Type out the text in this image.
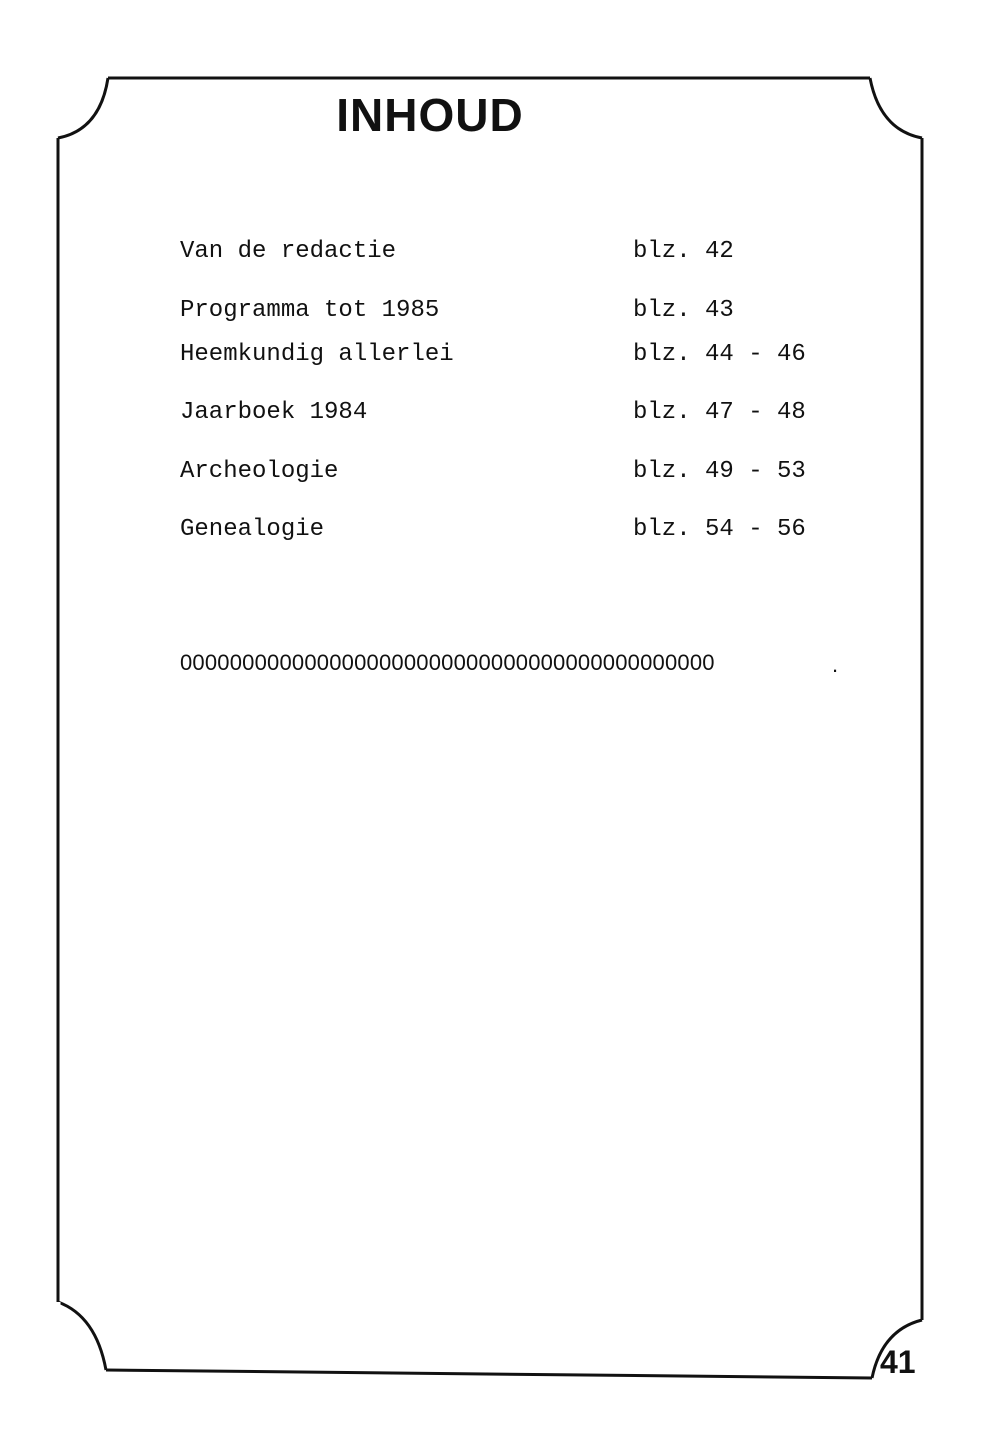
INHOUD
Van de redactie	blz. 42
Programma tot 1985	blz. 43
Heemkundig allerlei	blz. 44 - 46
Jaarboek 1984	blz. 47 - 48
Archeologie	blz. 49 - 53
Genealogie	blz. 54 - 56
0000000000000000000000000000000000000000000	.
41
